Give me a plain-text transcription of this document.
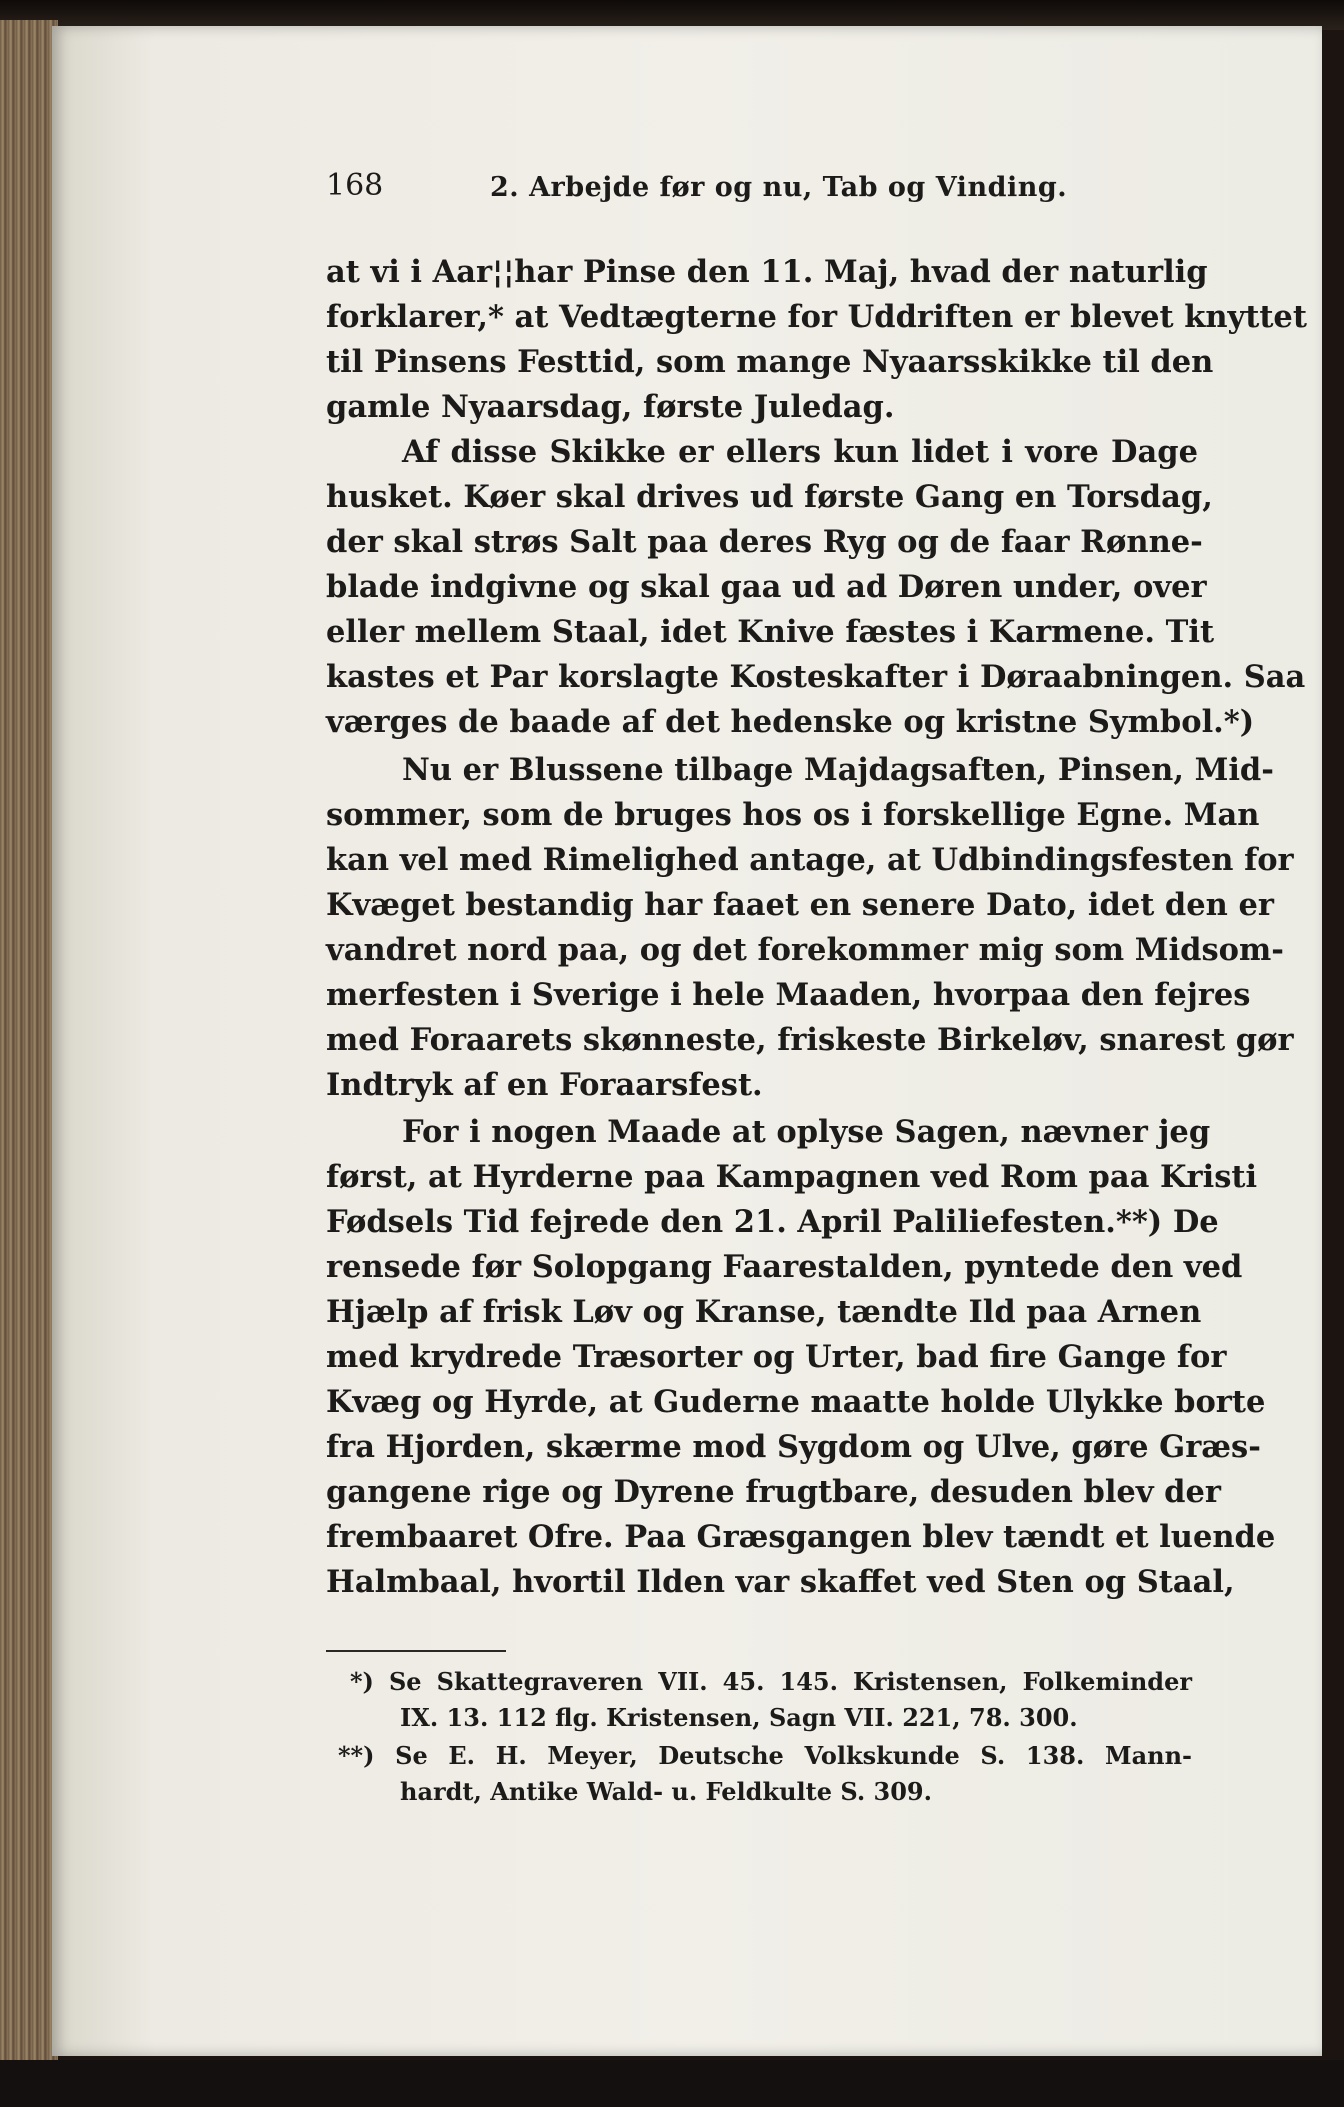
168	2. Arbejde før og nu, Tab og Vinding.
at vi i Aar¦¦har Pinse den 11. Maj, hvad der naturlig
forklarer,* at Vedtægterne for Uddriften er blevet knyttet
til Pinsens Festtid, som mange Nyaarsskikke til den
gamle Nyaarsdag, første Juledag.
Af disse Skikke er ellers kun lidet i vore Dage
husket. Køer skal drives ud første Gang en Torsdag,
der skal strøs Salt paa deres Ryg og de faar Rønne-
blade indgivne og skal gaa ud ad Døren under, over
eller mellem Staal, idet Knive fæstes i Karmene. Tit
kastes et Par korslagte Kosteskafter i Døraabningen. Saa
værges de baade af det hedenske og kristne Symbol.*)
Nu er Blussene tilbage Majdagsaften, Pinsen, Mid-
sommer, som de bruges hos os i forskellige Egne. Man
kan vel med Rimelighed antage, at Udbindingsfesten for
Kvæget bestandig har faaet en senere Dato, idet den er
vandret nord paa, og det forekommer mig som Midsom-
merfesten i Sverige i hele Maaden, hvorpaa den fejres
med Foraarets skønneste, friskeste Birkeløv, snarest gør
Indtryk af en Foraarsfest.
For i nogen Maade at oplyse Sagen, nævner jeg
først, at Hyrderne paa Kampagnen ved Rom paa Kristi
Fødsels Tid fejrede den 21. April Paliliefesten.**) De
rensede før Solopgang Faarestalden, pyntede den ved
Hjælp af frisk Løv og Kranse, tændte Ild paa Arnen
med krydrede Træsorter og Urter, bad fire Gange for
Kvæg og Hyrde, at Guderne maatte holde Ulykke borte
fra Hjorden, skærme mod Sygdom og Ulve, gøre Græs-
gangene rige og Dyrene frugtbare, desuden blev der
frembaaret Ofre. Paa Græsgangen blev tændt et luende
Halmbaal, hvortil Ilden var skaffet ved Sten og Staal,
*) Se Skattegraveren VII. 45. 145. Kristensen, Folkeminder
IX. 13. 112 flg. Kristensen, Sagn VII. 221, 78. 300.
**) Se E. H. Meyer, Deutsche Volkskunde S. 138. Mann-
hardt, Antike Wald- u. Feldkulte S. 309.
